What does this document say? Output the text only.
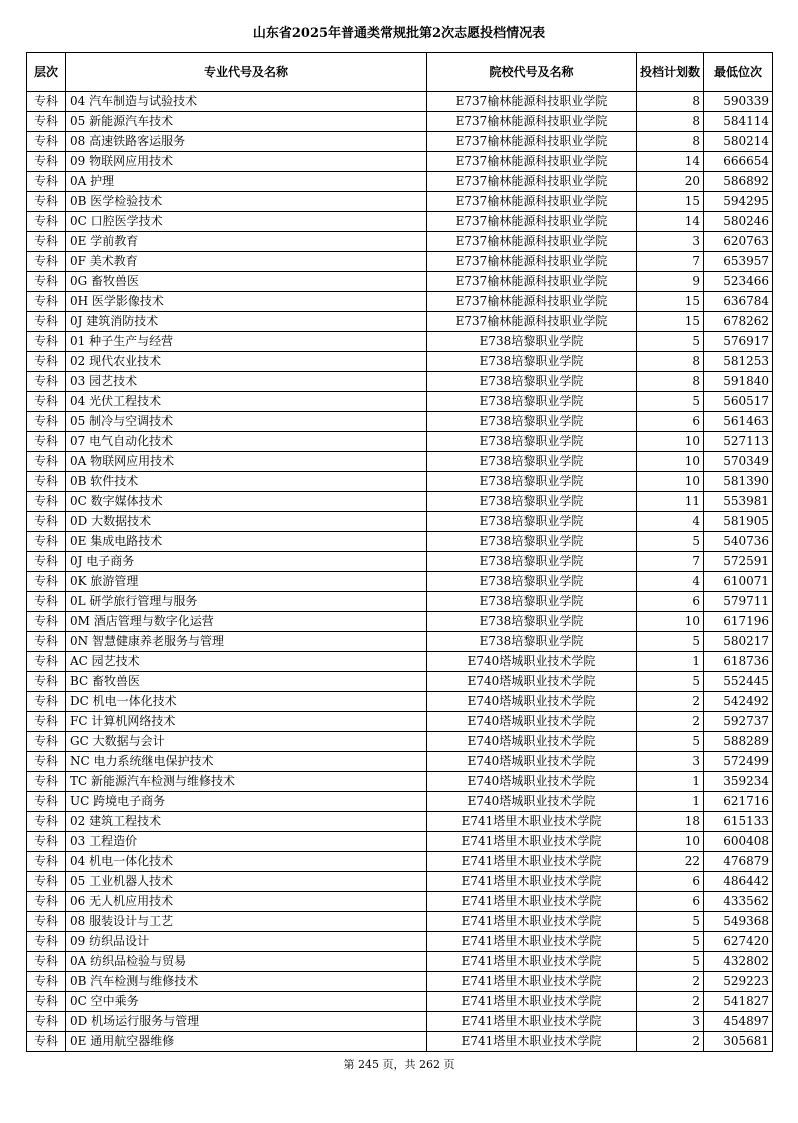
山东省2025年普通类常规批第2次志愿投档情况表
层次	专业代号及名称	院校代号及名称	投档计划数	最低位次
专科	04 汽车制造与试验技术	E737榆林能源科技职业学院	8	590339
专科	05 新能源汽车技术	E737榆林能源科技职业学院	8	584114
专科	08 高速铁路客运服务	E737榆林能源科技职业学院	8	580214
专科	09 物联网应用技术	E737榆林能源科技职业学院	14	666654
专科	0A 护理	E737榆林能源科技职业学院	20	586892
专科	0B 医学检验技术	E737榆林能源科技职业学院	15	594295
专科	0C 口腔医学技术	E737榆林能源科技职业学院	14	580246
专科	0E 学前教育	E737榆林能源科技职业学院	3	620763
专科	0F 美术教育	E737榆林能源科技职业学院	7	653957
专科	0G 畜牧兽医	E737榆林能源科技职业学院	9	523466
专科	0H 医学影像技术	E737榆林能源科技职业学院	15	636784
专科	0J 建筑消防技术	E737榆林能源科技职业学院	15	678262
专科	01 种子生产与经营	E738培黎职业学院	5	576917
专科	02 现代农业技术	E738培黎职业学院	8	581253
专科	03 园艺技术	E738培黎职业学院	8	591840
专科	04 光伏工程技术	E738培黎职业学院	5	560517
专科	05 制冷与空调技术	E738培黎职业学院	6	561463
专科	07 电气自动化技术	E738培黎职业学院	10	527113
专科	0A 物联网应用技术	E738培黎职业学院	10	570349
专科	0B 软件技术	E738培黎职业学院	10	581390
专科	0C 数字媒体技术	E738培黎职业学院	11	553981
专科	0D 大数据技术	E738培黎职业学院	4	581905
专科	0E 集成电路技术	E738培黎职业学院	5	540736
专科	0J 电子商务	E738培黎职业学院	7	572591
专科	0K 旅游管理	E738培黎职业学院	4	610071
专科	0L 研学旅行管理与服务	E738培黎职业学院	6	579711
专科	0M 酒店管理与数字化运营	E738培黎职业学院	10	617196
专科	0N 智慧健康养老服务与管理	E738培黎职业学院	5	580217
专科	AC 园艺技术	E740塔城职业技术学院	1	618736
专科	BC 畜牧兽医	E740塔城职业技术学院	5	552445
专科	DC 机电一体化技术	E740塔城职业技术学院	2	542492
专科	FC 计算机网络技术	E740塔城职业技术学院	2	592737
专科	GC 大数据与会计	E740塔城职业技术学院	5	588289
专科	NC 电力系统继电保护技术	E740塔城职业技术学院	3	572499
专科	TC 新能源汽车检测与维修技术	E740塔城职业技术学院	1	359234
专科	UC 跨境电子商务	E740塔城职业技术学院	1	621716
专科	02 建筑工程技术	E741塔里木职业技术学院	18	615133
专科	03 工程造价	E741塔里木职业技术学院	10	600408
专科	04 机电一体化技术	E741塔里木职业技术学院	22	476879
专科	05 工业机器人技术	E741塔里木职业技术学院	6	486442
专科	06 无人机应用技术	E741塔里木职业技术学院	6	433562
专科	08 服装设计与工艺	E741塔里木职业技术学院	5	549368
专科	09 纺织品设计	E741塔里木职业技术学院	5	627420
专科	0A 纺织品检验与贸易	E741塔里木职业技术学院	5	432802
专科	0B 汽车检测与维修技术	E741塔里木职业技术学院	2	529223
专科	0C 空中乘务	E741塔里木职业技术学院	2	541827
专科	0D 机场运行服务与管理	E741塔里木职业技术学院	3	454897
专科	0E 通用航空器维修	E741塔里木职业技术学院	2	305681
第 245 页，共 262 页
